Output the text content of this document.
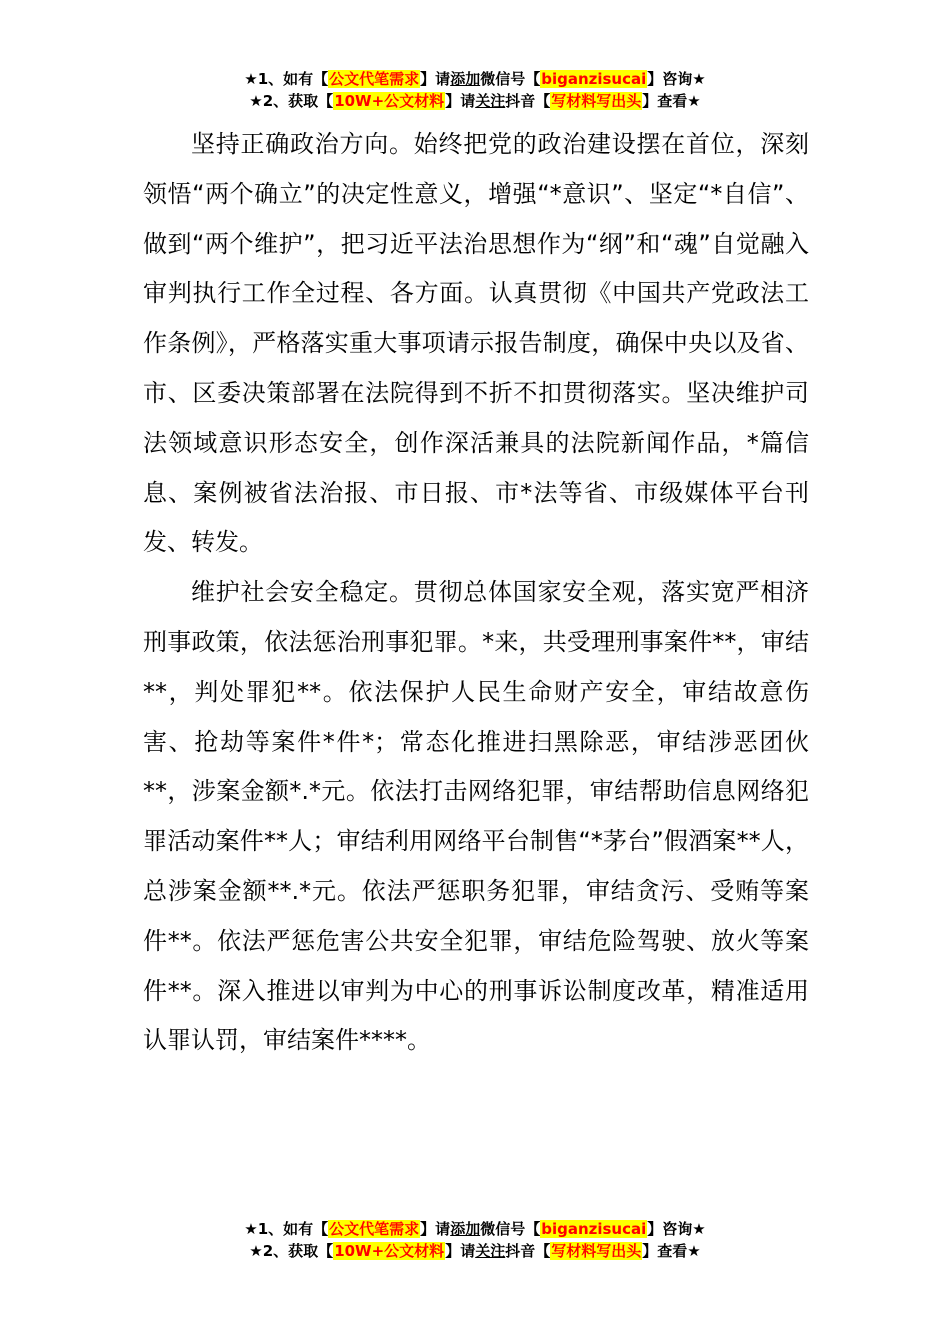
★1、如有【公文代笔需求】请添加微信号【biganzisucai】咨询★
★2、获取【10W+公文材料】请关注抖音【写材料写出头】查看★

坚持正确政治方向。始终把党的政治建设摆在首位，深刻领悟“两个确立”的决定性意义，增强“*意识”、坚定“*自信”、做到“两个维护”，把习近平法治思想作为“纲”和“魂”自觉融入审判执行工作全过程、各方面。认真贯彻《中国共产党政法工作条例》，严格落实重大事项请示报告制度，确保中央以及省、市、区委决策部署在法院得到不折不扣贯彻落实。坚决维护司法领域意识形态安全，创作深活兼具的法院新闻作品，*篇信息、案例被省法治报、市日报、市*法等省、市级媒体平台刊发、转发。

维护社会安全稳定。贯彻总体国家安全观，落实宽严相济刑事政策，依法惩治刑事犯罪。*来，共受理刑事案件**，审结**，判处罪犯**。依法保护人民生命财产安全，审结故意伤害、抢劫等案件*件*；常态化推进扫黑除恶，审结涉恶团伙**，涉案金额*.*元。依法打击网络犯罪，审结帮助信息网络犯罪活动案件**人；审结利用网络平台制售“*茅台”假酒案**人，总涉案金额**.*元。依法严惩职务犯罪，审结贪污、受贿等案件**。依法严惩危害公共安全犯罪，审结危险驾驶、放火等案件**。深入推进以审判为中心的刑事诉讼制度改革，精准适用认罪认罚，审结案件****。

★1、如有【公文代笔需求】请添加微信号【biganzisucai】咨询★
★2、获取【10W+公文材料】请关注抖音【写材料写出头】查看★
